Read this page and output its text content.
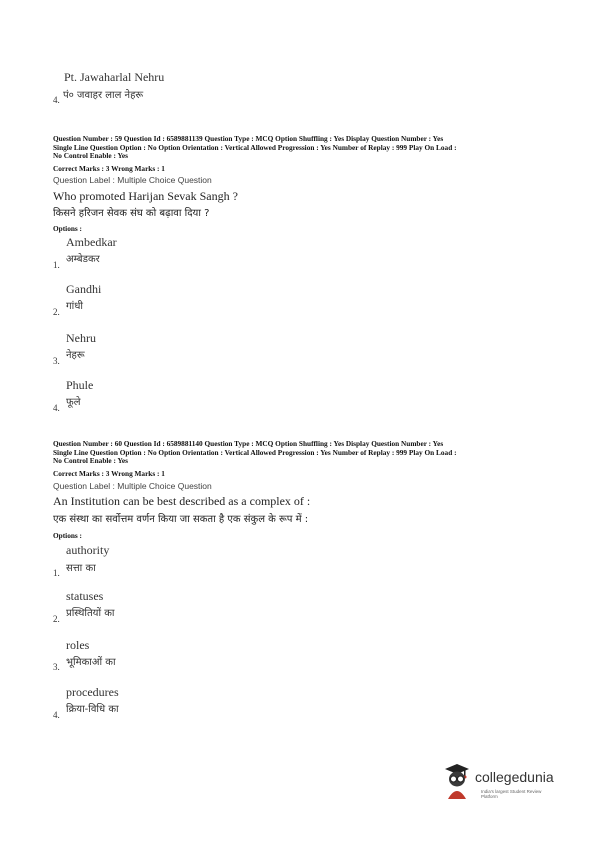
Pt. Jawaharlal Nehru
पं० जवाहर लाल नेहरू
4.
Question Number : 59 Question Id : 6589881139 Question Type : MCQ Option Shuffling : Yes Display Question Number : Yes
Single Line Question Option : No Option Orientation : Vertical Allowed Progression : Yes Number of Replay : 999 Play On Load :
No Control Enable : Yes
Correct Marks : 3 Wrong Marks : 1
Question Label : Multiple Choice Question
Who promoted Harijan Sevak Sangh ?
किसने हरिजन सेवक संघ को बढ़ावा दिया ?
Options :
Ambedkar
अम्बेडकर
1.
Gandhi
गांधी
2.
Nehru
नेहरू
3.
Phule
फूले
4.
Question Number : 60 Question Id : 6589881140 Question Type : MCQ Option Shuffling : Yes Display Question Number : Yes
Single Line Question Option : No Option Orientation : Vertical Allowed Progression : Yes Number of Replay : 999 Play On Load :
No Control Enable : Yes
Correct Marks : 3 Wrong Marks : 1
Question Label : Multiple Choice Question
An Institution can be best described as a complex of :
एक संस्था का सर्वोत्तम वर्णन किया जा सकता है एक संकुल के रूप में :
Options :
authority
सत्ता का
1.
statuses
प्रस्थितियों का
2.
roles
भूमिकाओं का
3.
procedures
क्रिया-विधि का
4.
collegedunia
India's largest Student Review Platform
